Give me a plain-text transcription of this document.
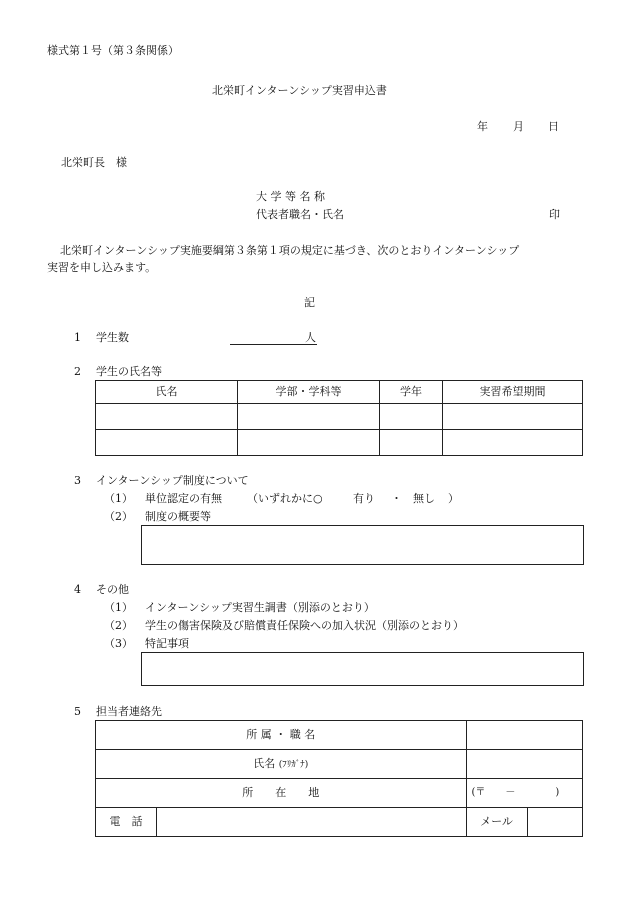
様式第１号（第３条関係）
北栄町インターンシップ実習申込書
年 月 日
北栄町長　様
大 学 等 名 称
代表者職名・氏名	印
北栄町インターンシップ実施要綱第３条第１項の規定に基づき、次のとおりインターンシップ
実習を申し込みます。
記
1 学生数	人
2 学生の氏名等
氏名	学部・学科等	学年	実習希望期間

3 インターンシップ制度について
（1） 単位認定の有無 （いずれかに○	有り ・ 無し ）
（2） 制度の概要等
4 その他
（1） インターンシップ実習生調書（別添のとおり）
（2） 学生の傷害保険及び賠償責任保険への加入状況（別添のとおり）
（3） 特記事項
5 担当者連絡先
所 属 ・ 職 名			
氏名 (ﾌﾘｶﾞﾅ)			
所　　在　　地		(〒　　－　　　　)	
電　話		メール	
